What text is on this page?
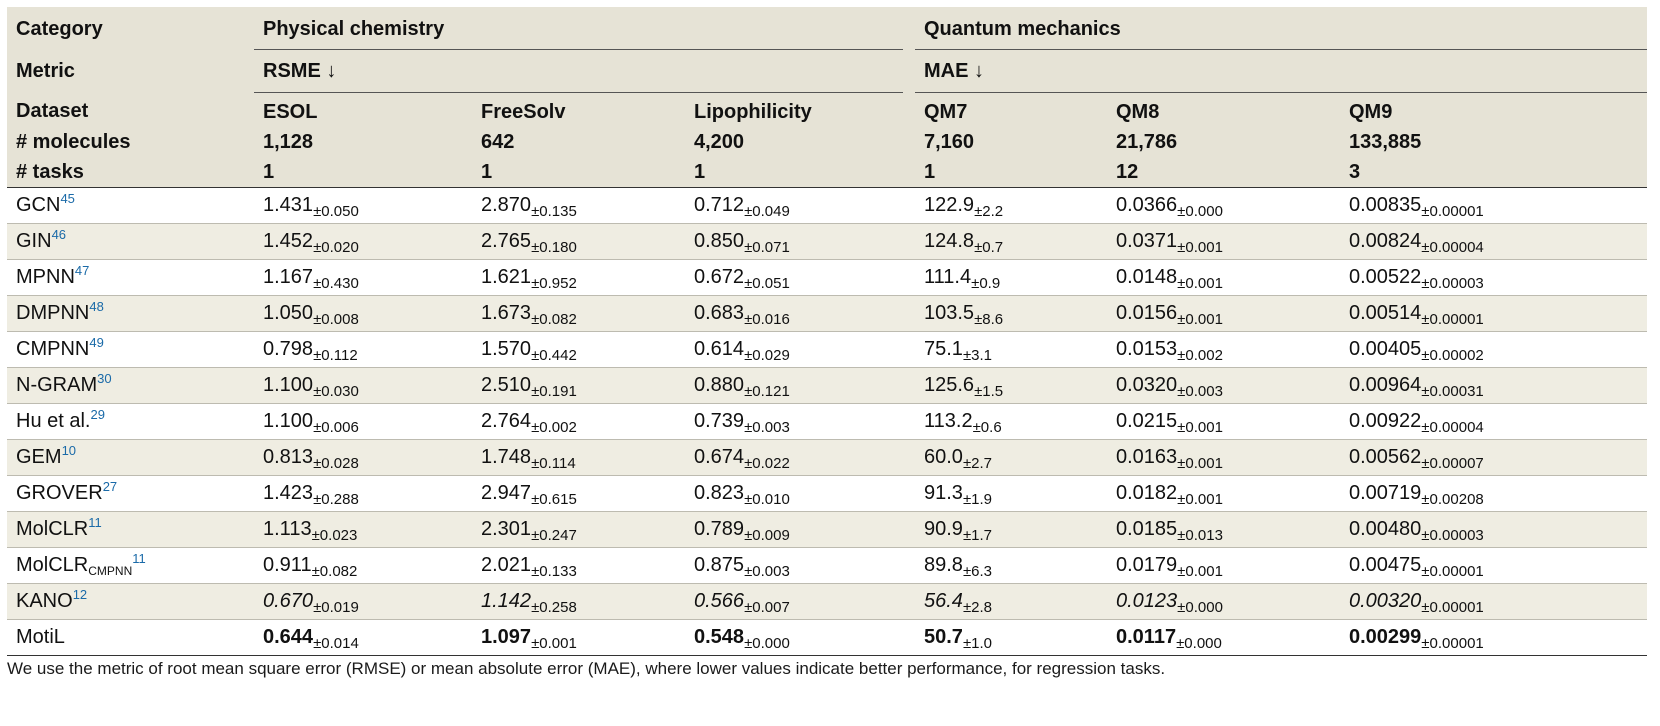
Category	Physical chemistry				Quantum mechanics		
Metric	RSME ↓				MAE ↓		
Dataset	ESOL	FreeSolv	Lipophilicity		QM7	QM8	QM9
# molecules	1,128	642	4,200		7,160	21,786	133,885
# tasks	1	1	1		1	12	3
GCN$^{45}$	$1.431_{\pm 0.050}$	$2.870_{\pm 0.135}$	$0.712_{\pm 0.049}$		$122.9_{\pm 2.2}$	$0.0366_{\pm 0.000}$	$0.00835_{\pm 0.00001}$
GIN$^{46}$	$1.452_{\pm 0.020}$	$2.765_{\pm 0.180}$	$0.850_{\pm 0.071}$		$124.8_{\pm 0.7}$	$0.0371_{\pm 0.001}$	$0.00824_{\pm 0.00004}$
MPNN$^{47}$	$1.167_{\pm 0.430}$	$1.621_{\pm 0.952}$	$0.672_{\pm 0.051}$		$111.4_{\pm 0.9}$	$0.0148_{\pm 0.001}$	$0.00522_{\pm 0.00003}$
DMPNN$^{48}$	$1.050_{\pm 0.008}$	$1.673_{\pm 0.082}$	$0.683_{\pm 0.016}$		$103.5_{\pm 8.6}$	$0.0156_{\pm 0.001}$	$0.00514_{\pm 0.00001}$
CMPNN$^{49}$	$0.798_{\pm 0.112}$	$1.570_{\pm 0.442}$	$0.614_{\pm 0.029}$		$75.1_{\pm 3.1}$	$0.0153_{\pm 0.002}$	$0.00405_{\pm 0.00002}$
N-GRAM$^{30}$	$1.100_{\pm 0.030}$	$2.510_{\pm 0.191}$	$0.880_{\pm 0.121}$		$125.6_{\pm 1.5}$	$0.0320_{\pm 0.003}$	$0.00964_{\pm 0.00031}$
Hu et al.$^{29}$	$1.100_{\pm 0.006}$	$2.764_{\pm 0.002}$	$0.739_{\pm 0.003}$		$113.2_{\pm 0.6}$	$0.0215_{\pm 0.001}$	$0.00922_{\pm 0.00004}$
GEM$^{10}$	$0.813_{\pm 0.028}$	$1.748_{\pm 0.114}$	$0.674_{\pm 0.022}$		$60.0_{\pm 2.7}$	$0.0163_{\pm 0.001}$	$0.00562_{\pm 0.00007}$
GROVER$^{27}$	$1.423_{\pm 0.288}$	$2.947_{\pm 0.615}$	$0.823_{\pm 0.010}$		$91.3_{\pm 1.9}$	$0.0182_{\pm 0.001}$	$0.00719_{\pm 0.00208}$
MolCLR$^{11}$	$1.113_{\pm 0.023}$	$2.301_{\pm 0.247}$	$0.789_{\pm 0.009}$		$90.9_{\pm 1.7}$	$0.0185_{\pm 0.013}$	$0.00480_{\pm 0.00003}$
MolCLR$_{CMPNN}^{11}$	$0.911_{\pm 0.082}$	$2.021_{\pm 0.133}$	$0.875_{\pm 0.003}$		$89.8_{\pm 6.3}$	$0.0179_{\pm 0.001}$	$0.00475_{\pm 0.00001}$
KANO$^{12}$	$0.670_{\pm 0.019}$	$1.142_{\pm 0.258}$	$0.566_{\pm 0.007}$		$56.4_{\pm 2.8}$	$0.0123_{\pm 0.000}$	$0.00320_{\pm 0.00001}$
MotiL	$0.644_{\pm 0.014}$	$1.097_{\pm 0.001}$	$0.548_{\pm 0.000}$		$50.7_{\pm 1.0}$	$0.0117_{\pm 0.000}$	$0.00299_{\pm 0.00001}$
We use the metric of root mean square error (RMSE) or mean absolute error (MAE), where lower values indicate better performance, for regression tasks.
